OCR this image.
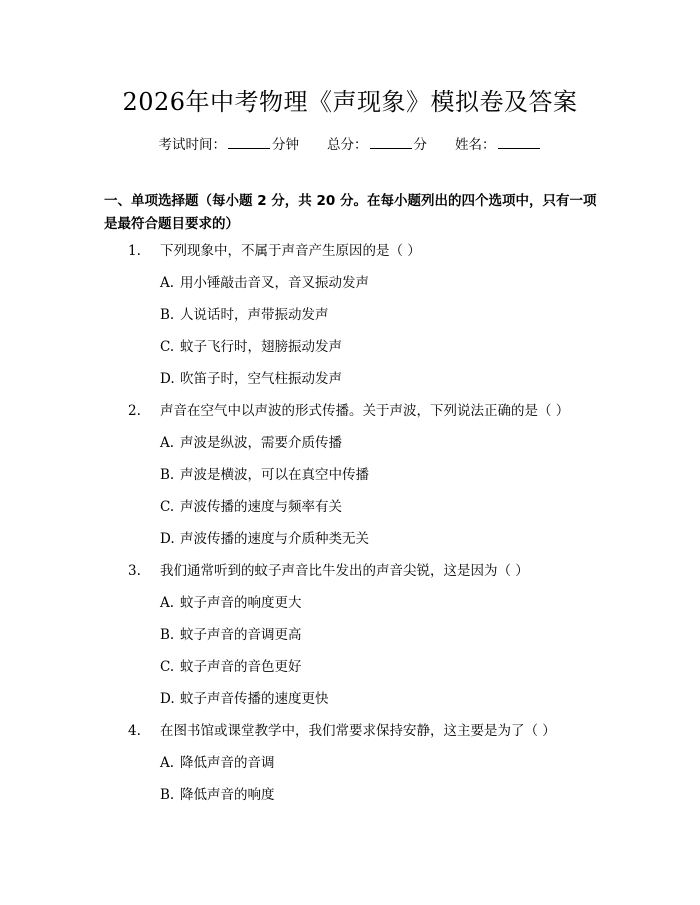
2026年中考物理《声现象》模拟卷及答案
考试时间：	分钟 总分：	分 姓名：
一、单项选择题（每小题 2 分，共 20 分。在每小题列出的四个选项中，只有一项
是最符合题目要求的）
1. 下列现象中，不属于声音产生原因的是（ ）
A. 用小锤敲击音叉，音叉振动发声
B. 人说话时，声带振动发声
C. 蚊子飞行时，翅膀振动发声
D. 吹笛子时，空气柱振动发声
2. 声音在空气中以声波的形式传播。关于声波，下列说法正确的是（ ）
A. 声波是纵波，需要介质传播
B. 声波是横波，可以在真空中传播
C. 声波传播的速度与频率有关
D. 声波传播的速度与介质种类无关
3. 我们通常听到的蚊子声音比牛发出的声音尖锐，这是因为（ ）
A. 蚊子声音的响度更大
B. 蚊子声音的音调更高
C. 蚊子声音的音色更好
D. 蚊子声音传播的速度更快
4. 在图书馆或课堂教学中，我们常要求保持安静，这主要是为了（ ）
A. 降低声音的音调
B. 降低声音的响度
